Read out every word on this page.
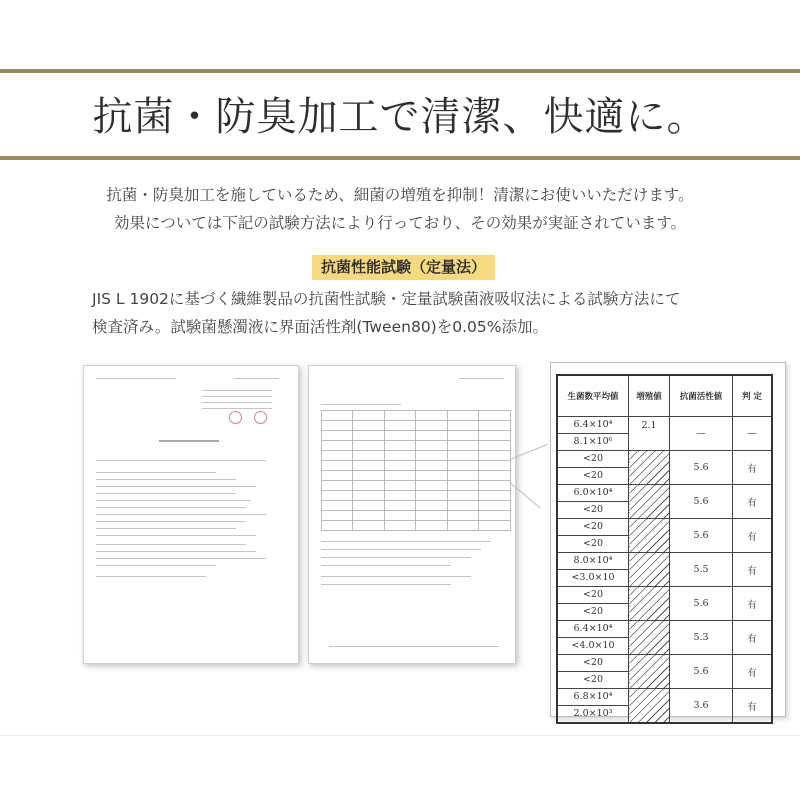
抗菌・防臭加工で清潔、快適に。
抗菌・防臭加工を施しているため、細菌の増殖を抑制！清潔にお使いいただけます。
効果については下記の試験方法により行っており、その効果が実証されています。
抗菌性能試験（定量法）
JIS L 1902に基づく繊維製品の抗菌性試験・定量試験菌液吸収法による試験方法にて
検査済み。試験菌懸濁液に界面活性剤(Tween80)を0.05%添加。

生菌数平均値	増殖値	抗菌活性値	判 定
6.4×10⁴	2.1	—	—
8.1×10⁶			
<20		5.6	有
<20			
6.0×10⁴		5.6	有
<20			
<20		5.6	有
<20			
8.0×10⁴		5.5	有
<3.0×10			
<20		5.6	有
<20			
6.4×10⁴		5.3	有
<4.0×10			
<20		5.6	有
<20			
6.8×10⁴		3.6	有
2.0×10³			
